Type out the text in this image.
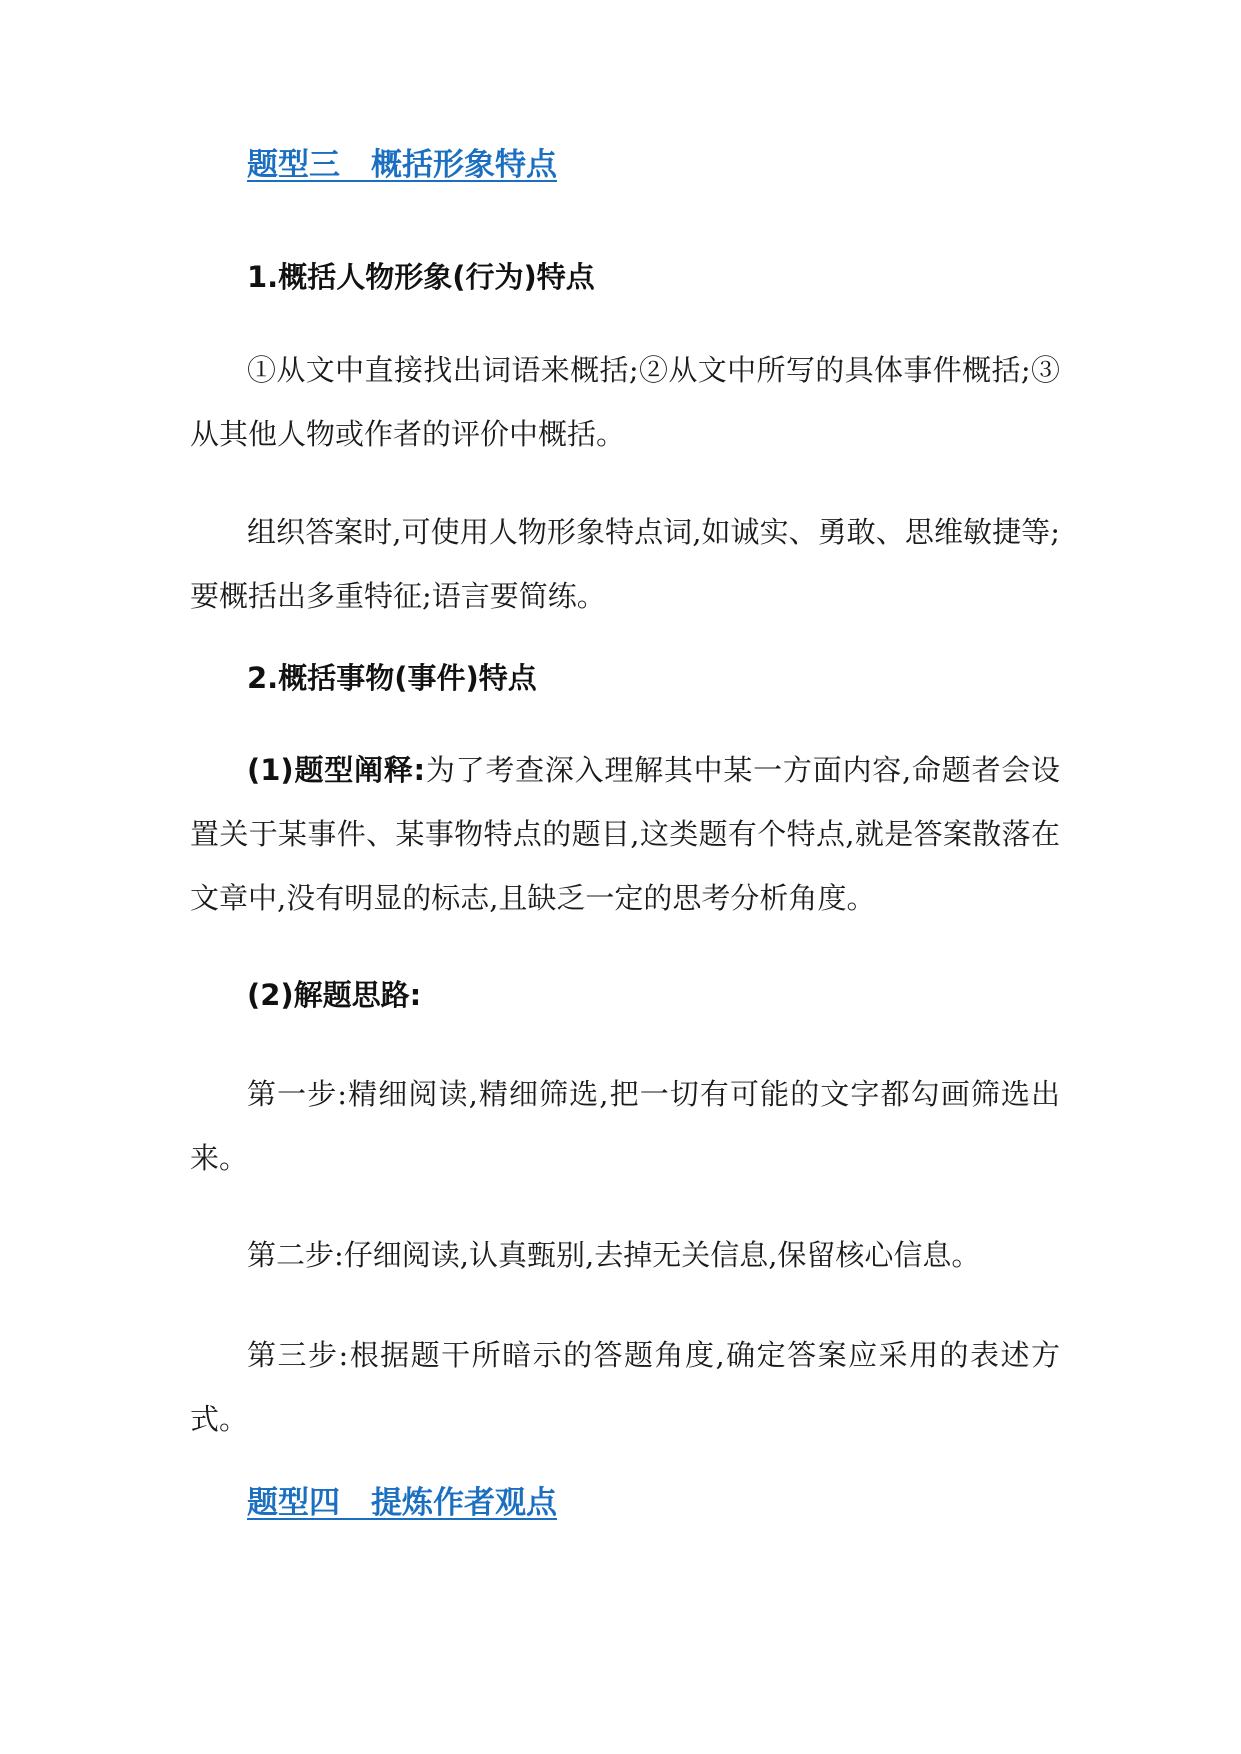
题型三　概括形象特点
1.概括人物形象(行为)特点
①从文中直接找出词语来概括;②从文中所写的具体事件概括;③从其他人物或作者的评价中概括。
组织答案时,可使用人物形象特点词,如诚实、勇敢、思维敏捷等;要概括出多重特征;语言要简练。
2.概括事物(事件)特点
(1)题型阐释:为了考查深入理解其中某一方面内容,命题者会设置关于某事件、某事物特点的题目,这类题有个特点,就是答案散落在文章中,没有明显的标志,且缺乏一定的思考分析角度。
(2)解题思路:
第一步:精细阅读,精细筛选,把一切有可能的文字都勾画筛选出来。
第二步:仔细阅读,认真甄别,去掉无关信息,保留核心信息。
第三步:根据题干所暗示的答题角度,确定答案应采用的表述方式。
题型四　提炼作者观点
